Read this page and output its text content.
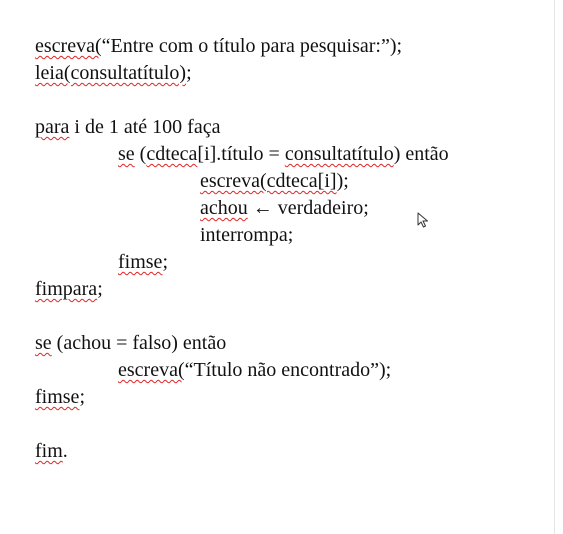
escreva(“Entre com o título para pesquisar:”);
leia(consultatítulo);
para i de 1 até 100 faça
se (cdteca[i].título = consultatítulo) então
escreva(cdteca[i]);
achou ← verdadeiro;
interrompa;
fimse;
fimpara;
se (achou = falso) então
escreva(“Título não encontrado”);
fimse;
fim.
